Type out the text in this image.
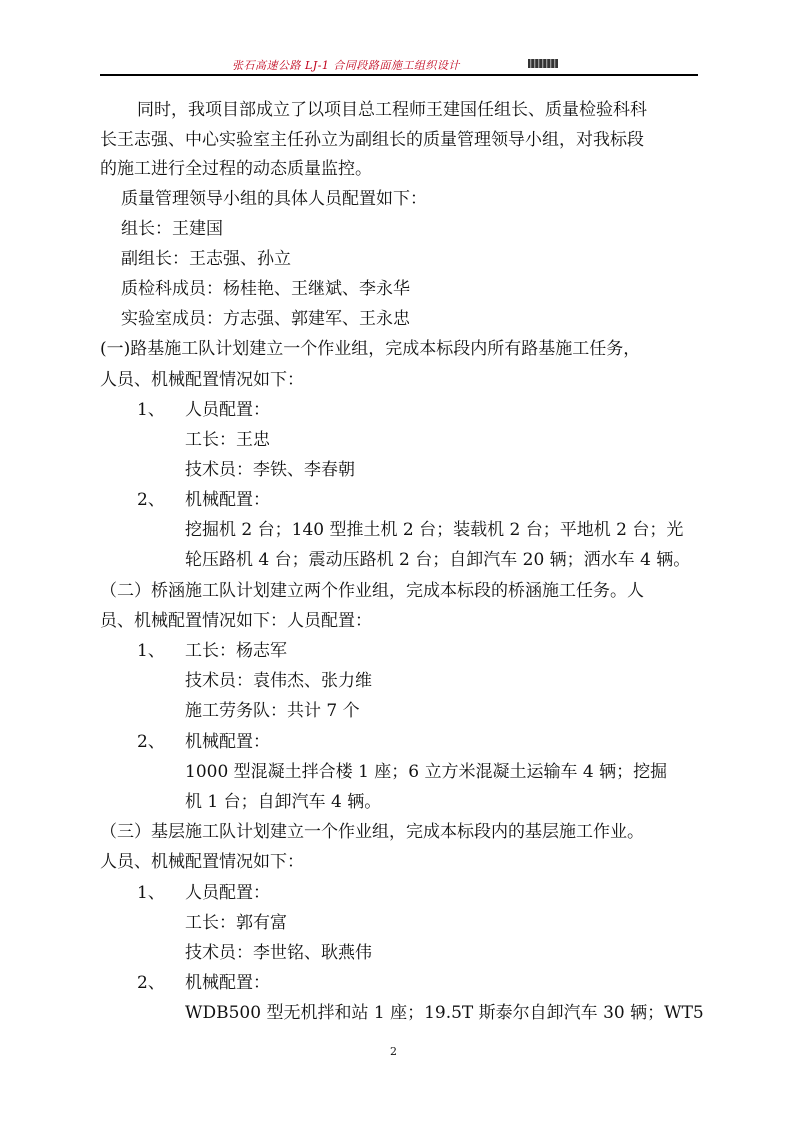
张石高速公路 LJ-1 合同段路面施工组织设计
同时，我项目部成立了以项目总工程师王建国任组长、质量检验科科
长王志强、中心实验室主任孙立为副组长的质量管理领导小组，对我标段
的施工进行全过程的动态质量监控。
质量管理领导小组的具体人员配置如下：
组长：王建国
副组长：王志强、孙立
质检科成员：杨桂艳、王继斌、李永华
实验室成员：方志强、郭建军、王永忠
(一)路基施工队计划建立一个作业组，完成本标段内所有路基施工任务，
人员、机械配置情况如下：
1、 人员配置：
工长：王忠
技术员：李铁、李春朝
2、 机械配置：
挖掘机 2 台；140 型推土机 2 台；装载机 2 台；平地机 2 台；光
轮压路机 4 台；震动压路机 2 台；自卸汽车 20 辆；洒水车 4 辆。
（二）桥涵施工队计划建立两个作业组，完成本标段的桥涵施工任务。人
员、机械配置情况如下：人员配置：
1、 工长：杨志军
技术员：袁伟杰、张力维
施工劳务队：共计 7 个
2、 机械配置：
1000 型混凝土拌合楼 1 座；6 立方米混凝土运输车 4 辆；挖掘
机 1 台；自卸汽车 4 辆。
（三）基层施工队计划建立一个作业组，完成本标段内的基层施工作业。
人员、机械配置情况如下：
1、 人员配置：
工长：郭有富
技术员：李世铭、耿燕伟
2、 机械配置：
WDB500 型无机拌和站 1 座；19.5T 斯泰尔自卸汽车 30 辆；WT5
2
